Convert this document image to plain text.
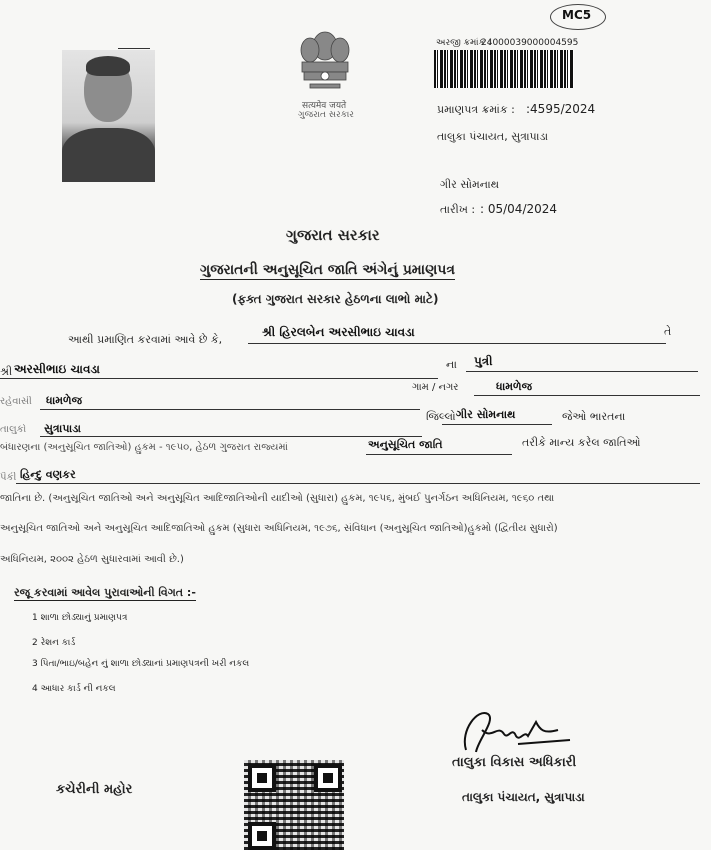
MC5
सत्यमेव जयते
ગુજરાત સરકાર
અરજી ક્રમાંક :
24000039000004595
પ્રમાણપત્ર ક્રમાંક : :4595/2024
તાલુકા પંચાયત, સુત્રાપાડા
ગીર સોમનાથ
તારીખ : : 05/04/2024
ગુજરાત સરકાર
ગુજરાતની અનુસૂચિત જાતિ અંગેનું પ્રમાણપત્ર
(ફક્ત ગુજરાત સરકાર હેઠળના લાભો માટે)
આથી પ્રમાણિત કરવામાં આવે છે કે,
શ્રી હિરલબેન અરસીભાઇ ચાવડા	તે
શ્રી અરસીભાઇ ચાવડા	ના પુત્રી
રહેવાસી	ધામળેજ
ગામ / નગર	ધામળેજ
તાલુકો	સુત્રાપાડા
જિલ્લો ગીર સોમનાથ	જેઓ ભારતના
બંધારણના (અનુસૂચિત જાતિઓ) હુકમ - ૧૯૫૦, હેઠળ ગુજરાત રાજ્યમાં	અનુસૂચિત જાતિ	તરીકે માન્ય કરેલ જાતિઓ
પૈકી હિન્દુ વણકર
જાતિના છે. (અનુસૂચિત જાતિઓ અને અનુસૂચિત આદિજાતિઓની યાદીઓ (સુધારા) હુકમ, ૧૯૫૬, મુંબઈ પુનર્ગઠન અધિનિયમ, ૧૯૬૦ તથા
અનુસૂચિત જાતિઓ અને અનુસૂચિત આદિજાતિઓ હુકમ (સુધારા અધિનિયમ, ૧૯૭૬, સંવિધાન (અનુસૂચિત જાતિઓ)હુકમો (દ્વિતીય સુધારો)
અધિનિયમ, ૨૦૦૨ હેઠળ સુધારવામાં આવી છે.)
રજૂ કરવામાં આવેલ પુરાવાઓની વિગત :-
1 શાળા છોડ્યાનું પ્રમાણપત્ર
2 રેશન કાર્ડ
3 પિતા/ભાઇ/બહેન નું શાળા છોડ્યાનાં પ્રમાણપત્રની ખરી નકલ
4 આધાર કાર્ડ ની નકલ
કચેરીની મહોર
તાલુકા વિકાસ અધિકારી
તાલુકા પંચાયત, સુત્રાપાડા
